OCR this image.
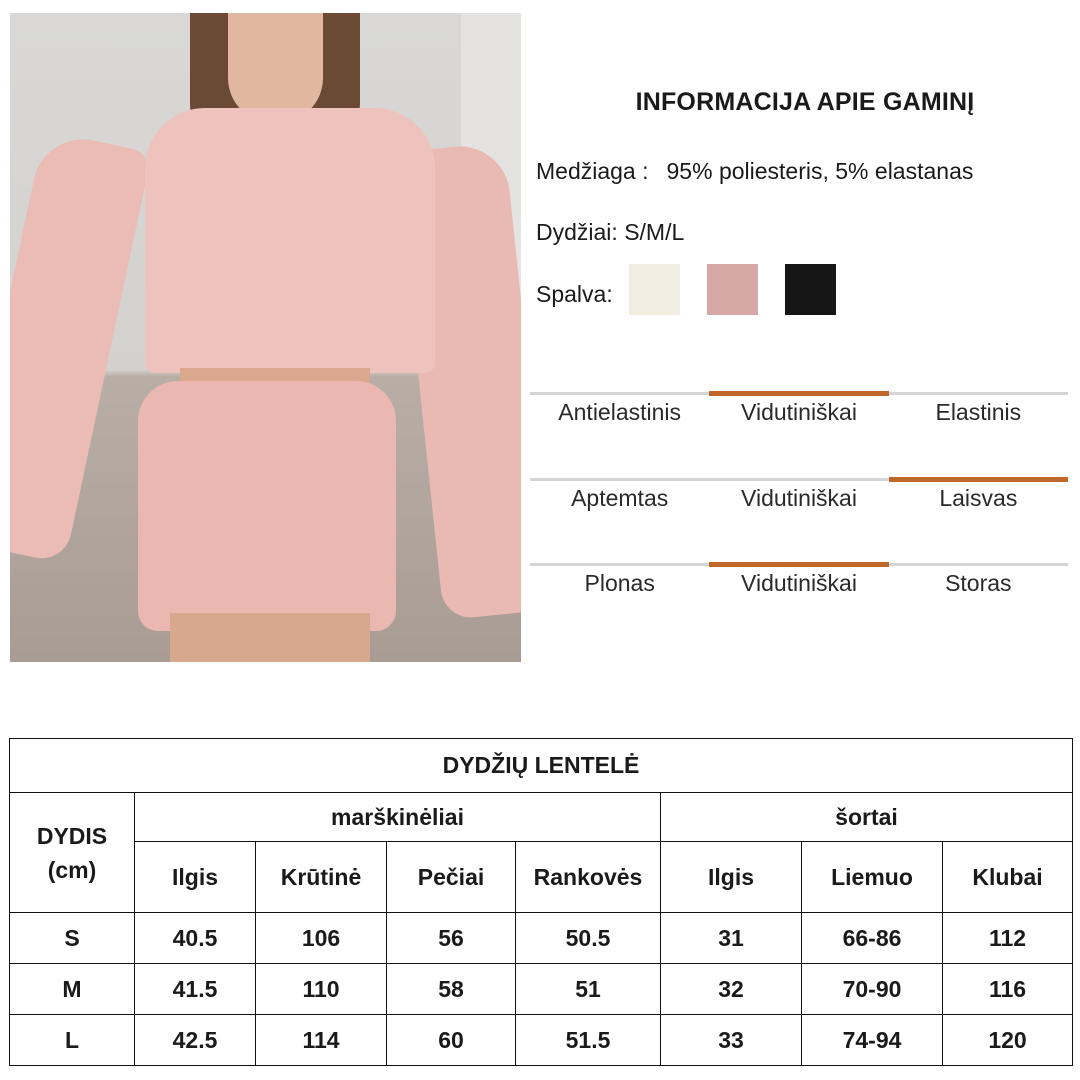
INFORMACIJA APIE GAMINĮ
Medžiaga : 95% poliesteris, 5% elastanas
Dydžiai: S/M/L
Spalva:
Antielastinis	Vidutiniškai	Elastinis
Aptemtas	Vidutiniškai	Laisvas
Plonas	Vidutiniškai	Storas
DYDŽIŲ LENTELĖ							
DYDIS
(cm)	marškinėliai				šortai		
	Ilgis	Krūtinė	Pečiai	Rankovės	Ilgis	Liemuo	Klubai
S	40.5	106	56	50.5	31	66-86	112
M	41.5	110	58	51	32	70-90	116
L	42.5	114	60	51.5	33	74-94	120
